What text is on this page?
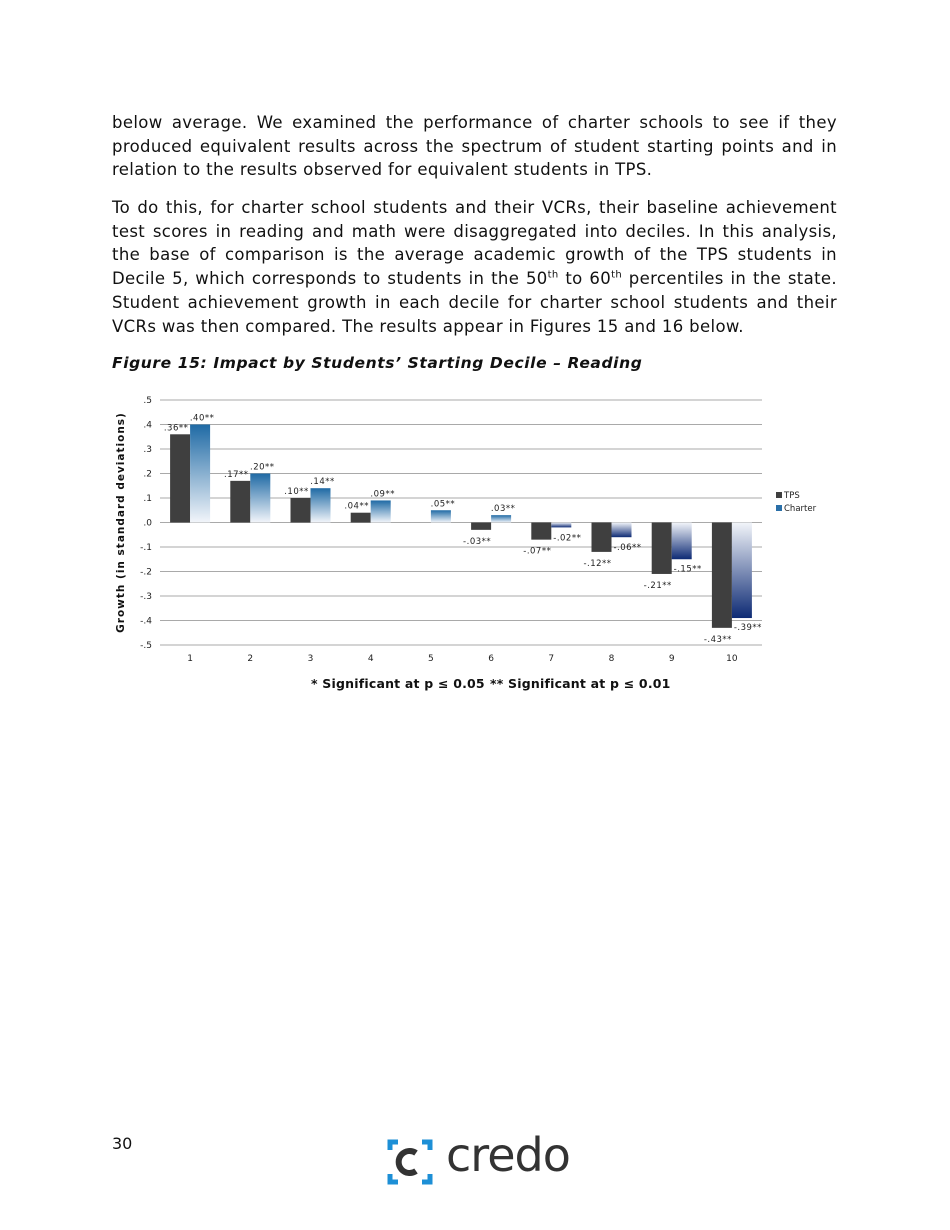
below average. We examined the performance of charter schools to see if they produced equivalent results across the spectrum of student starting points and in relation to the results observed for equivalent students in TPS.

To do this, for charter school students and their VCRs, their baseline achievement test scores in reading and math were disaggregated into deciles. In this analysis, the base of comparison is the average academic growth of the TPS students in Decile 5, which corresponds to students in the 50th to 60th percentiles in the state. Student achievement growth in each decile for charter school students and their VCRs was then compared. The results appear in Figures 15 and 16 below.

Figure 15: Impact by Students’ Starting Decile – Reading

.5
.4
.3
.2
.1
.0
-.1
-.2
-.3
-.4
-.5
Growth (in standard deviations)
1
.36**
.40**
2
.17**
.20**
3
.10**
.14**
4
.04**
.09**
5
.05**
6
-.03**
.03**
7
-.07**
-.02**
8
-.12**
-.06**
9
-.21**
-.15**
10
-.43**
-.39**
TPS
Charter
* Significant at p ≤ 0.05 ** Significant at p ≤ 0.01
30	credo
